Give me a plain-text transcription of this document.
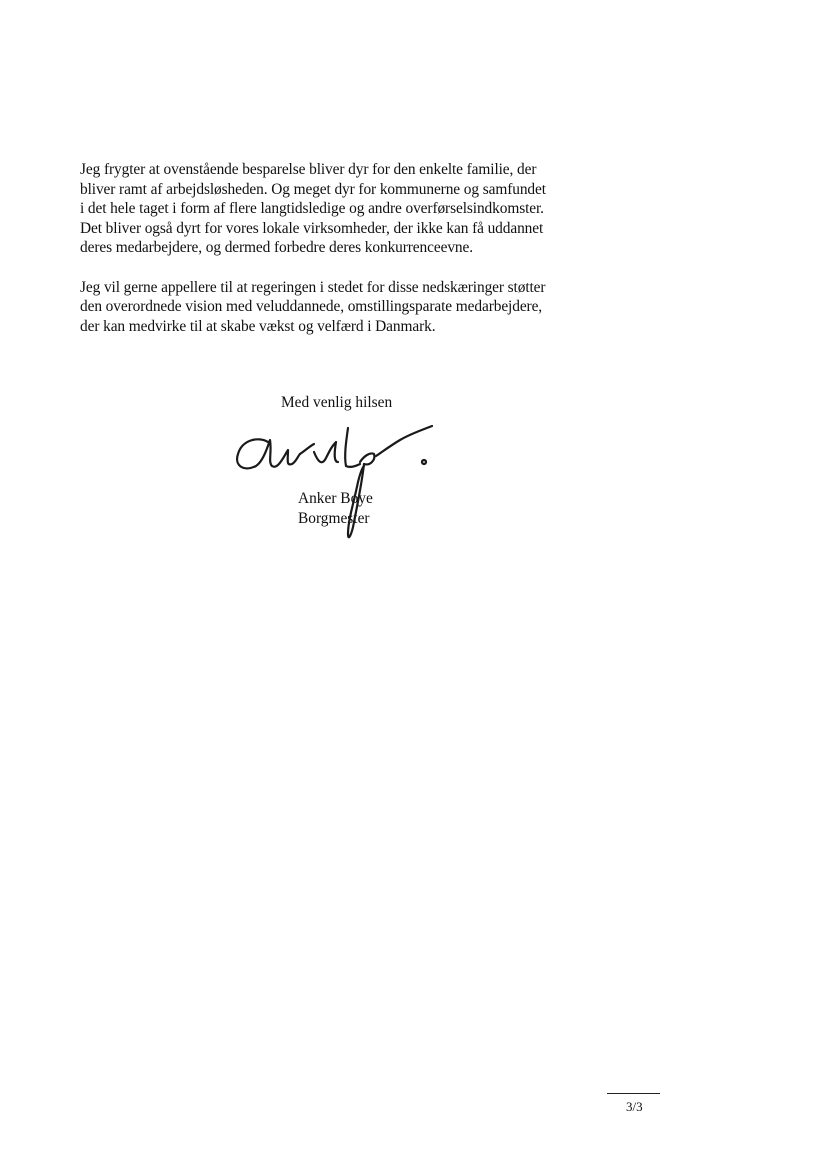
Jeg frygter at ovenstående besparelse bliver dyr for den enkelte familie, der
bliver ramt af arbejdsløsheden. Og meget dyr for kommunerne og samfundet
i det hele taget i form af flere langtidsledige og andre overførselsindkomster.
Det bliver også dyrt for vores lokale virksomheder, der ikke kan få uddannet
deres medarbejdere, og dermed forbedre deres konkurrenceevne.

Jeg vil gerne appellere til at regeringen i stedet for disse nedskæringer støtter
den overordnede vision med veluddannede, omstillingsparate medarbejdere,
der kan medvirke til at skabe vækst og velfærd i Danmark.

Med venlig hilsen
Anker Boye
Borgmester
3/3
